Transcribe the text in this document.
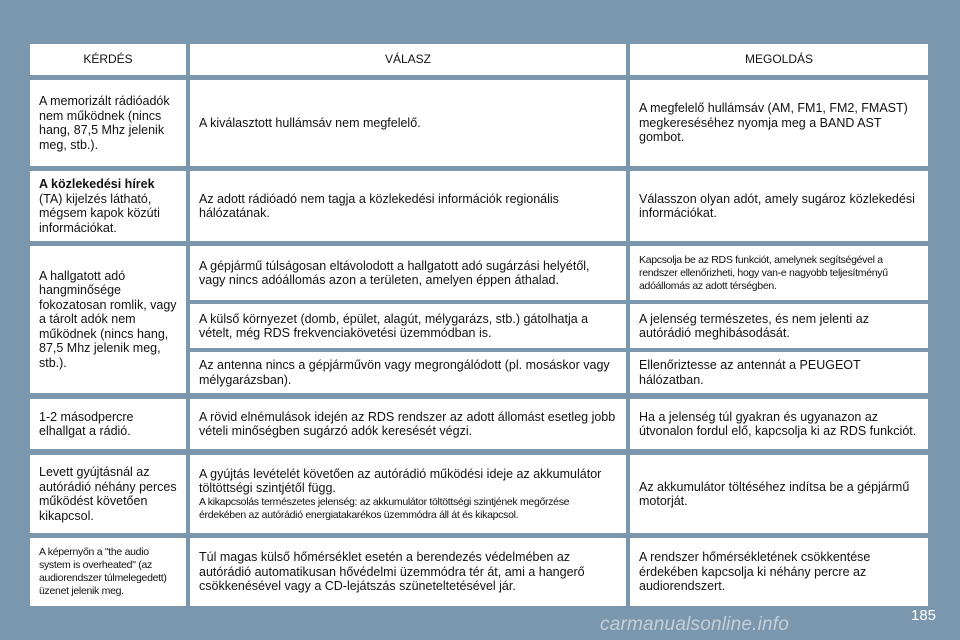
KÉRDÉS	VÁLASZ	MEGOLDÁS
A memorizált rádióadók nem működnek (nincs hang, 87,5 Mhz jelenik meg, stb.).
A kiválasztott hullámsáv nem megfelelő.
A megfelelő hullámsáv (AM, FM1, FM2, FMAST) megkereséséhez nyomja meg a BAND AST gombot.
A közlekedési hírek
(TA) kijelzés látható, mégsem kapok közúti információkat.
Az adott rádióadó nem tagja a közlekedési információk regionális hálózatának.
Válasszon olyan adót, amely sugároz közlekedési információkat.
A hallgatott adó hangminősége fokozatosan romlik, vagy a tárolt adók nem működnek (nincs hang, 87,5 Mhz jelenik meg, stb.).
A gépjármű túlságosan eltávolodott a hallgatott adó sugárzási helyétől, vagy nincs adóállomás azon a területen, amelyen éppen áthalad.
Kapcsolja be az RDS funkciót, amelynek segítségével a rendszer ellenőrizheti, hogy van-e nagyobb teljesítményű adóállomás az adott térségben.
A külső környezet (domb, épület, alagút, mélygarázs, stb.) gátolhatja a vételt, még RDS frekvenciakövetési üzemmódban is.
A jelenség természetes, és nem jelenti az autórádió meghibásodását.
Az antenna nincs a gépjárművön vagy megrongálódott (pl. mosáskor vagy mélygarázsban).
Ellenőriztesse az antennát a PEUGEOT hálózatban.
1-2 másodpercre elhallgat a rádió.
A rövid elnémulások idején az RDS rendszer az adott állomást esetleg jobb vételi minőségben sugárzó adók keresését végzi.
Ha a jelenség túl gyakran és ugyanazon az útvonalon fordul elő, kapcsolja ki az RDS funkciót.
Levett gyújtásnál az autórádió néhány perces működést követően kikapcsol.
A gyújtás levételét követően az autórádió működési ideje az akkumulátor töltöttségi szintjétől függ.
A kikapcsolás természetes jelenség: az akkumulátor töltöttségi szintjének megőrzése érdekében az autórádió energiatakarékos üzemmódra áll át és kikapcsol.
Az akkumulátor töltéséhez indítsa be a gépjármű motorját.
A képernyőn a "the audio system is overheated" (az audiorendszer túlmelegedett) üzenet jelenik meg.
Túl magas külső hőmérséklet esetén a berendezés védelmében az autórádió automatikusan hővédelmi üzemmódra tér át, ami a hangerő csökkenésével vagy a CD-lejátszás szüneteltetésével jár.
A rendszer hőmérsékletének csökkentése érdekében kapcsolja ki néhány percre az audiorendszert.
185
carmanualsonline.info
